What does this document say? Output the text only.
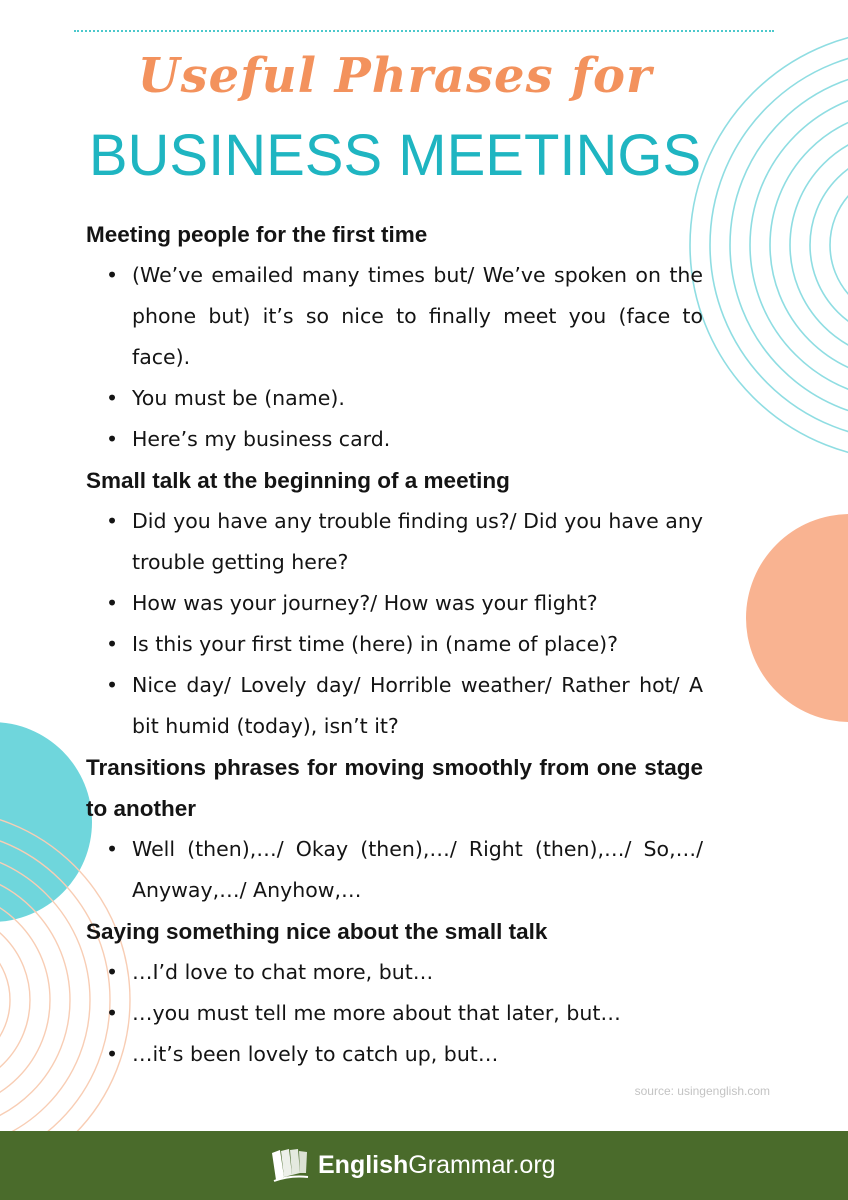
Useful Phrases for
BUSINESS MEETINGS

Meeting people for the first time

• (We’ve emailed many times but/ We’ve spoken on the phone but) it’s so nice to finally meet you (face to face).
• You must be (name).
• Here’s my business card.

Small talk at the beginning of a meeting

• Did you have any trouble finding us?/ Did you have any trouble getting here?
• How was your journey?/ How was your flight?
• Is this your first time (here) in (name of place)?
• Nice day/ Lovely day/ Horrible weather/ Rather hot/ A bit humid (today), isn’t it?

Transitions phrases for moving smoothly from one stage to another

• Well (then),…/ Okay (then),…/ Right (then),…/ So,…/ Anyway,…/ Anyhow,…

Saying something nice about the small talk

• …I’d love to chat more, but…
• …you must tell me more about that later, but…
• …it’s been lovely to catch up, but…
source: usingenglish.com
English Grammar.org
